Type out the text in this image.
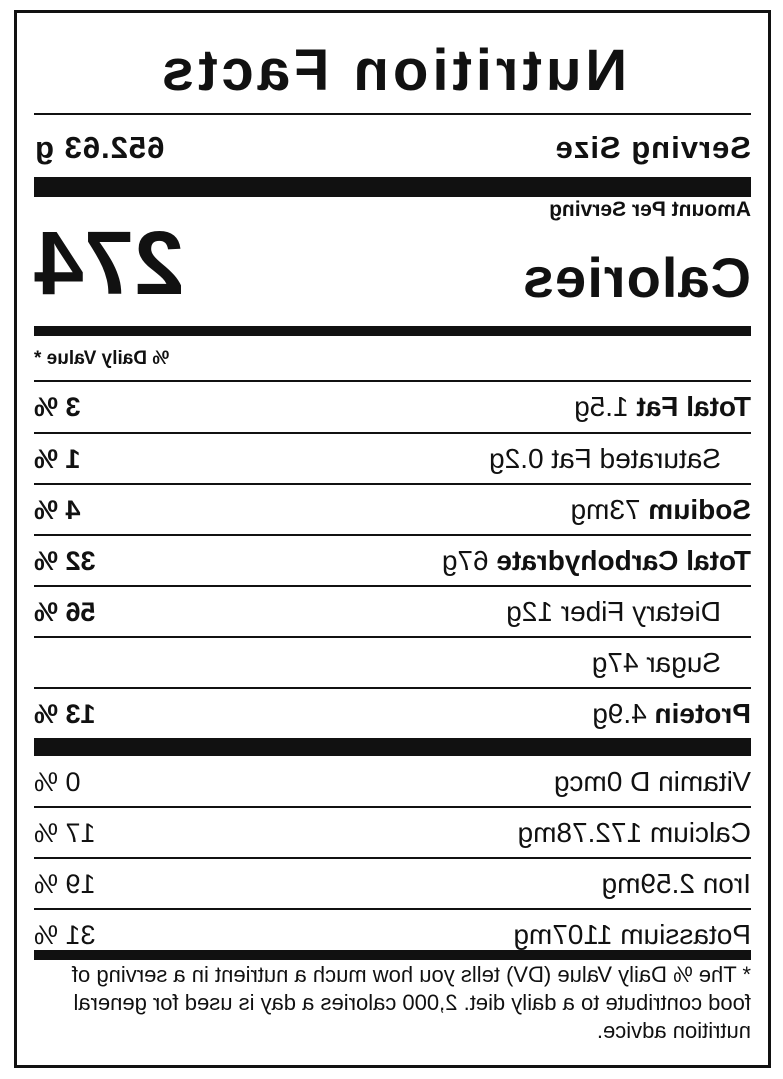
Nutrition Facts
Serving Size
652.63 g
Amount Per Serving
Calories
274
% Daily Value *
Total Fat 1.5g
3 %
Saturated Fat 0.2g
1 %
Sodium 73mg
4 %
Total Carbohydrate 67g
32 %
Dietary Fiber 12g
56 %
Sugar 47g
Protein 4.9g
13 %
Vitamin D 0mcg
0 %
Calcium 172.78mg
17 %
Iron 2.59mg
19 %
Potassium 1107mg
31 %
* The % Daily Value (DV) tells you how much a nutrient in a serving of food contribute to a daily diet. 2,000 calories a day is used for general nutrition advice.
